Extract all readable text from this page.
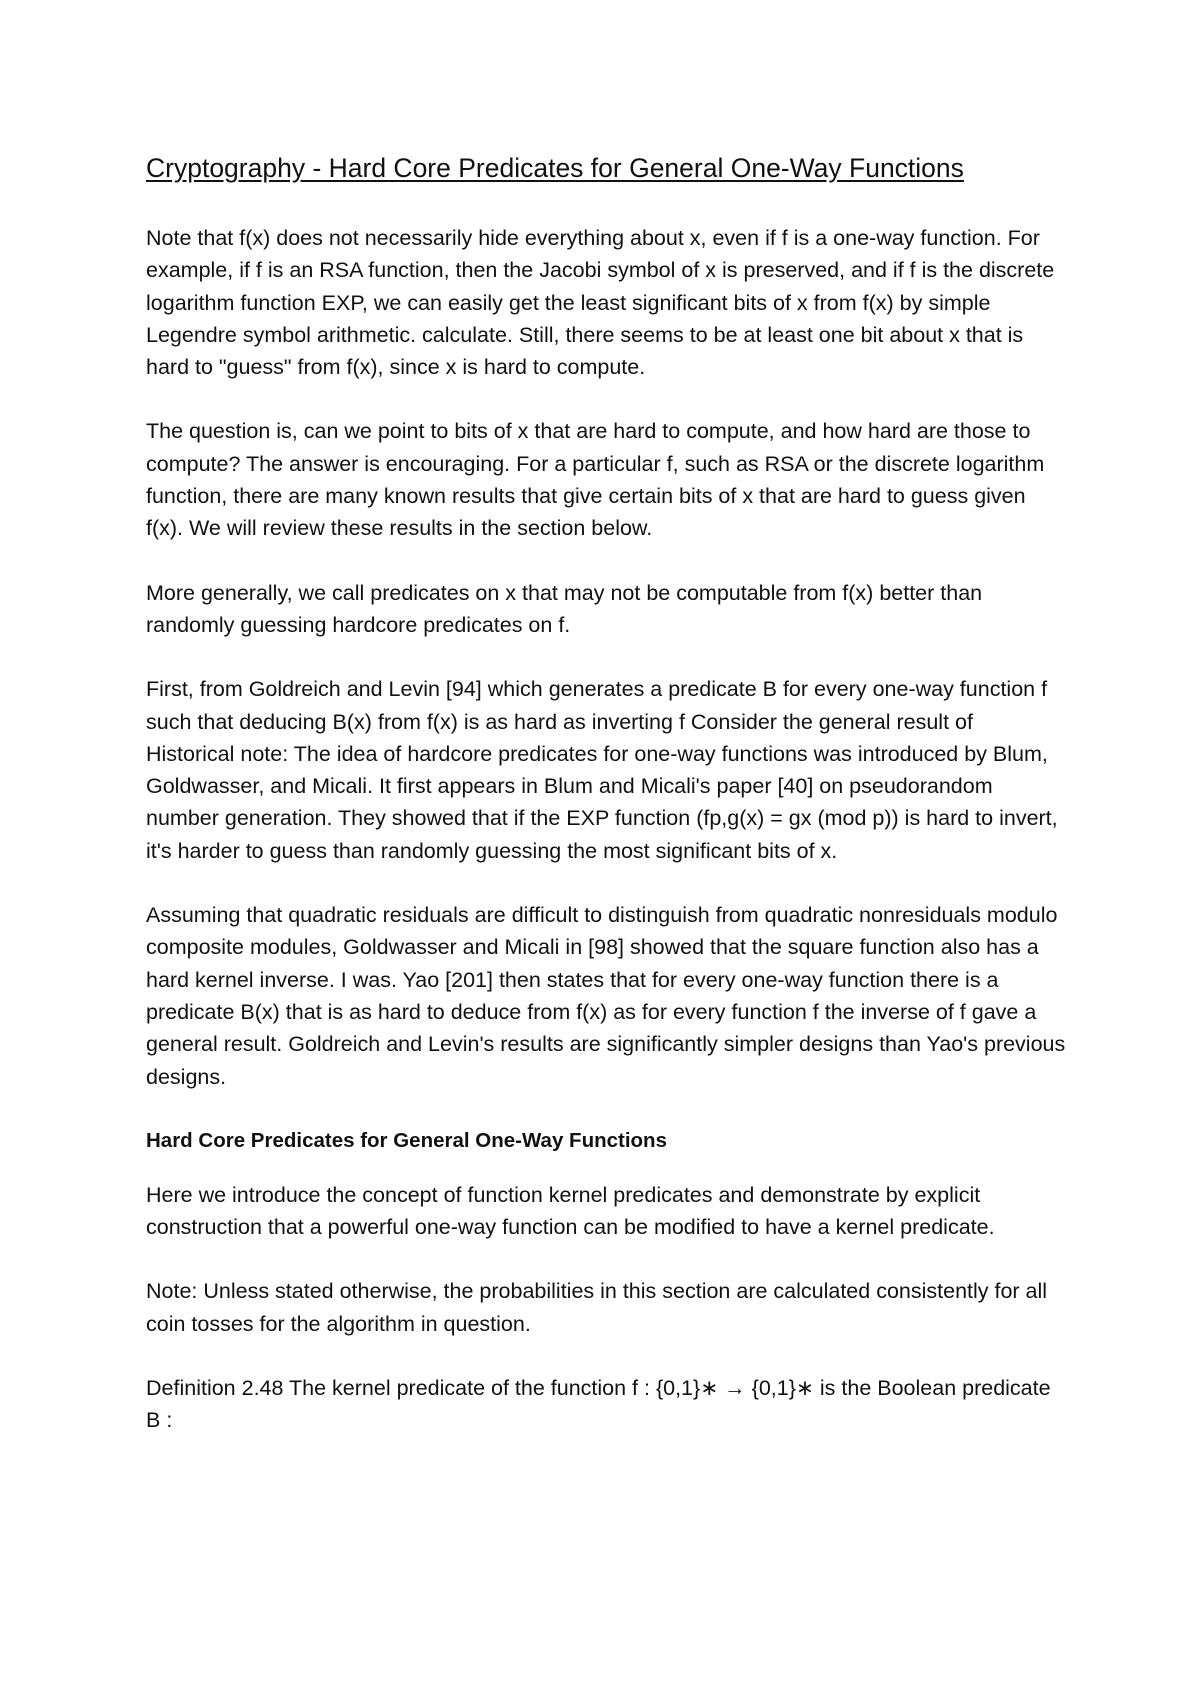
Cryptography - Hard Core Predicates for General One-Way Functions

Note that f(x) does not necessarily hide everything about x, even if f is a one-way function. For example, if f is an RSA function, then the Jacobi symbol of x is preserved, and if f is the discrete logarithm function EXP, we can easily get the least significant bits of x from f(x) by simple Legendre symbol arithmetic. calculate. Still, there seems to be at least one bit about x that is hard to "guess" from f(x), since x is hard to compute.

The question is, can we point to bits of x that are hard to compute, and how hard are those to compute? The answer is encouraging. For a particular f, such as RSA or the discrete logarithm function, there are many known results that give certain bits of x that are hard to guess given f(x). We will review these results in the section below.

More generally, we call predicates on x that may not be computable from f(x) better than randomly guessing hardcore predicates on f.

First, from Goldreich and Levin [94] which generates a predicate B for every one-way function f such that deducing B(x) from f(x) is as hard as inverting f Consider the general result of Historical note: The idea of hardcore predicates for one-way functions was introduced by Blum, Goldwasser, and Micali. It first appears in Blum and Micali's paper [40] on pseudorandom number generation. They showed that if the EXP function (fp,g(x) = gx (mod p)) is hard to invert, it's harder to guess than randomly guessing the most significant bits of x.

Assuming that quadratic residuals are difficult to distinguish from quadratic nonresiduals modulo composite modules, Goldwasser and Micali in [98] showed that the square function also has a hard kernel inverse. I was. Yao [201] then states that for every one-way function there is a predicate B(x) that is as hard to deduce from f(x) as for every function f the inverse of f gave a general result. Goldreich and Levin's results are significantly simpler designs than Yao's previous designs.

Hard Core Predicates for General One-Way Functions

Here we introduce the concept of function kernel predicates and demonstrate by explicit construction that a powerful one-way function can be modified to have a kernel predicate.

Note: Unless stated otherwise, the probabilities in this section are calculated consistently for all coin tosses for the algorithm in question.

Definition 2.48 The kernel predicate of the function f : {0,1}∗ → {0,1}∗ is the Boolean predicate B :
